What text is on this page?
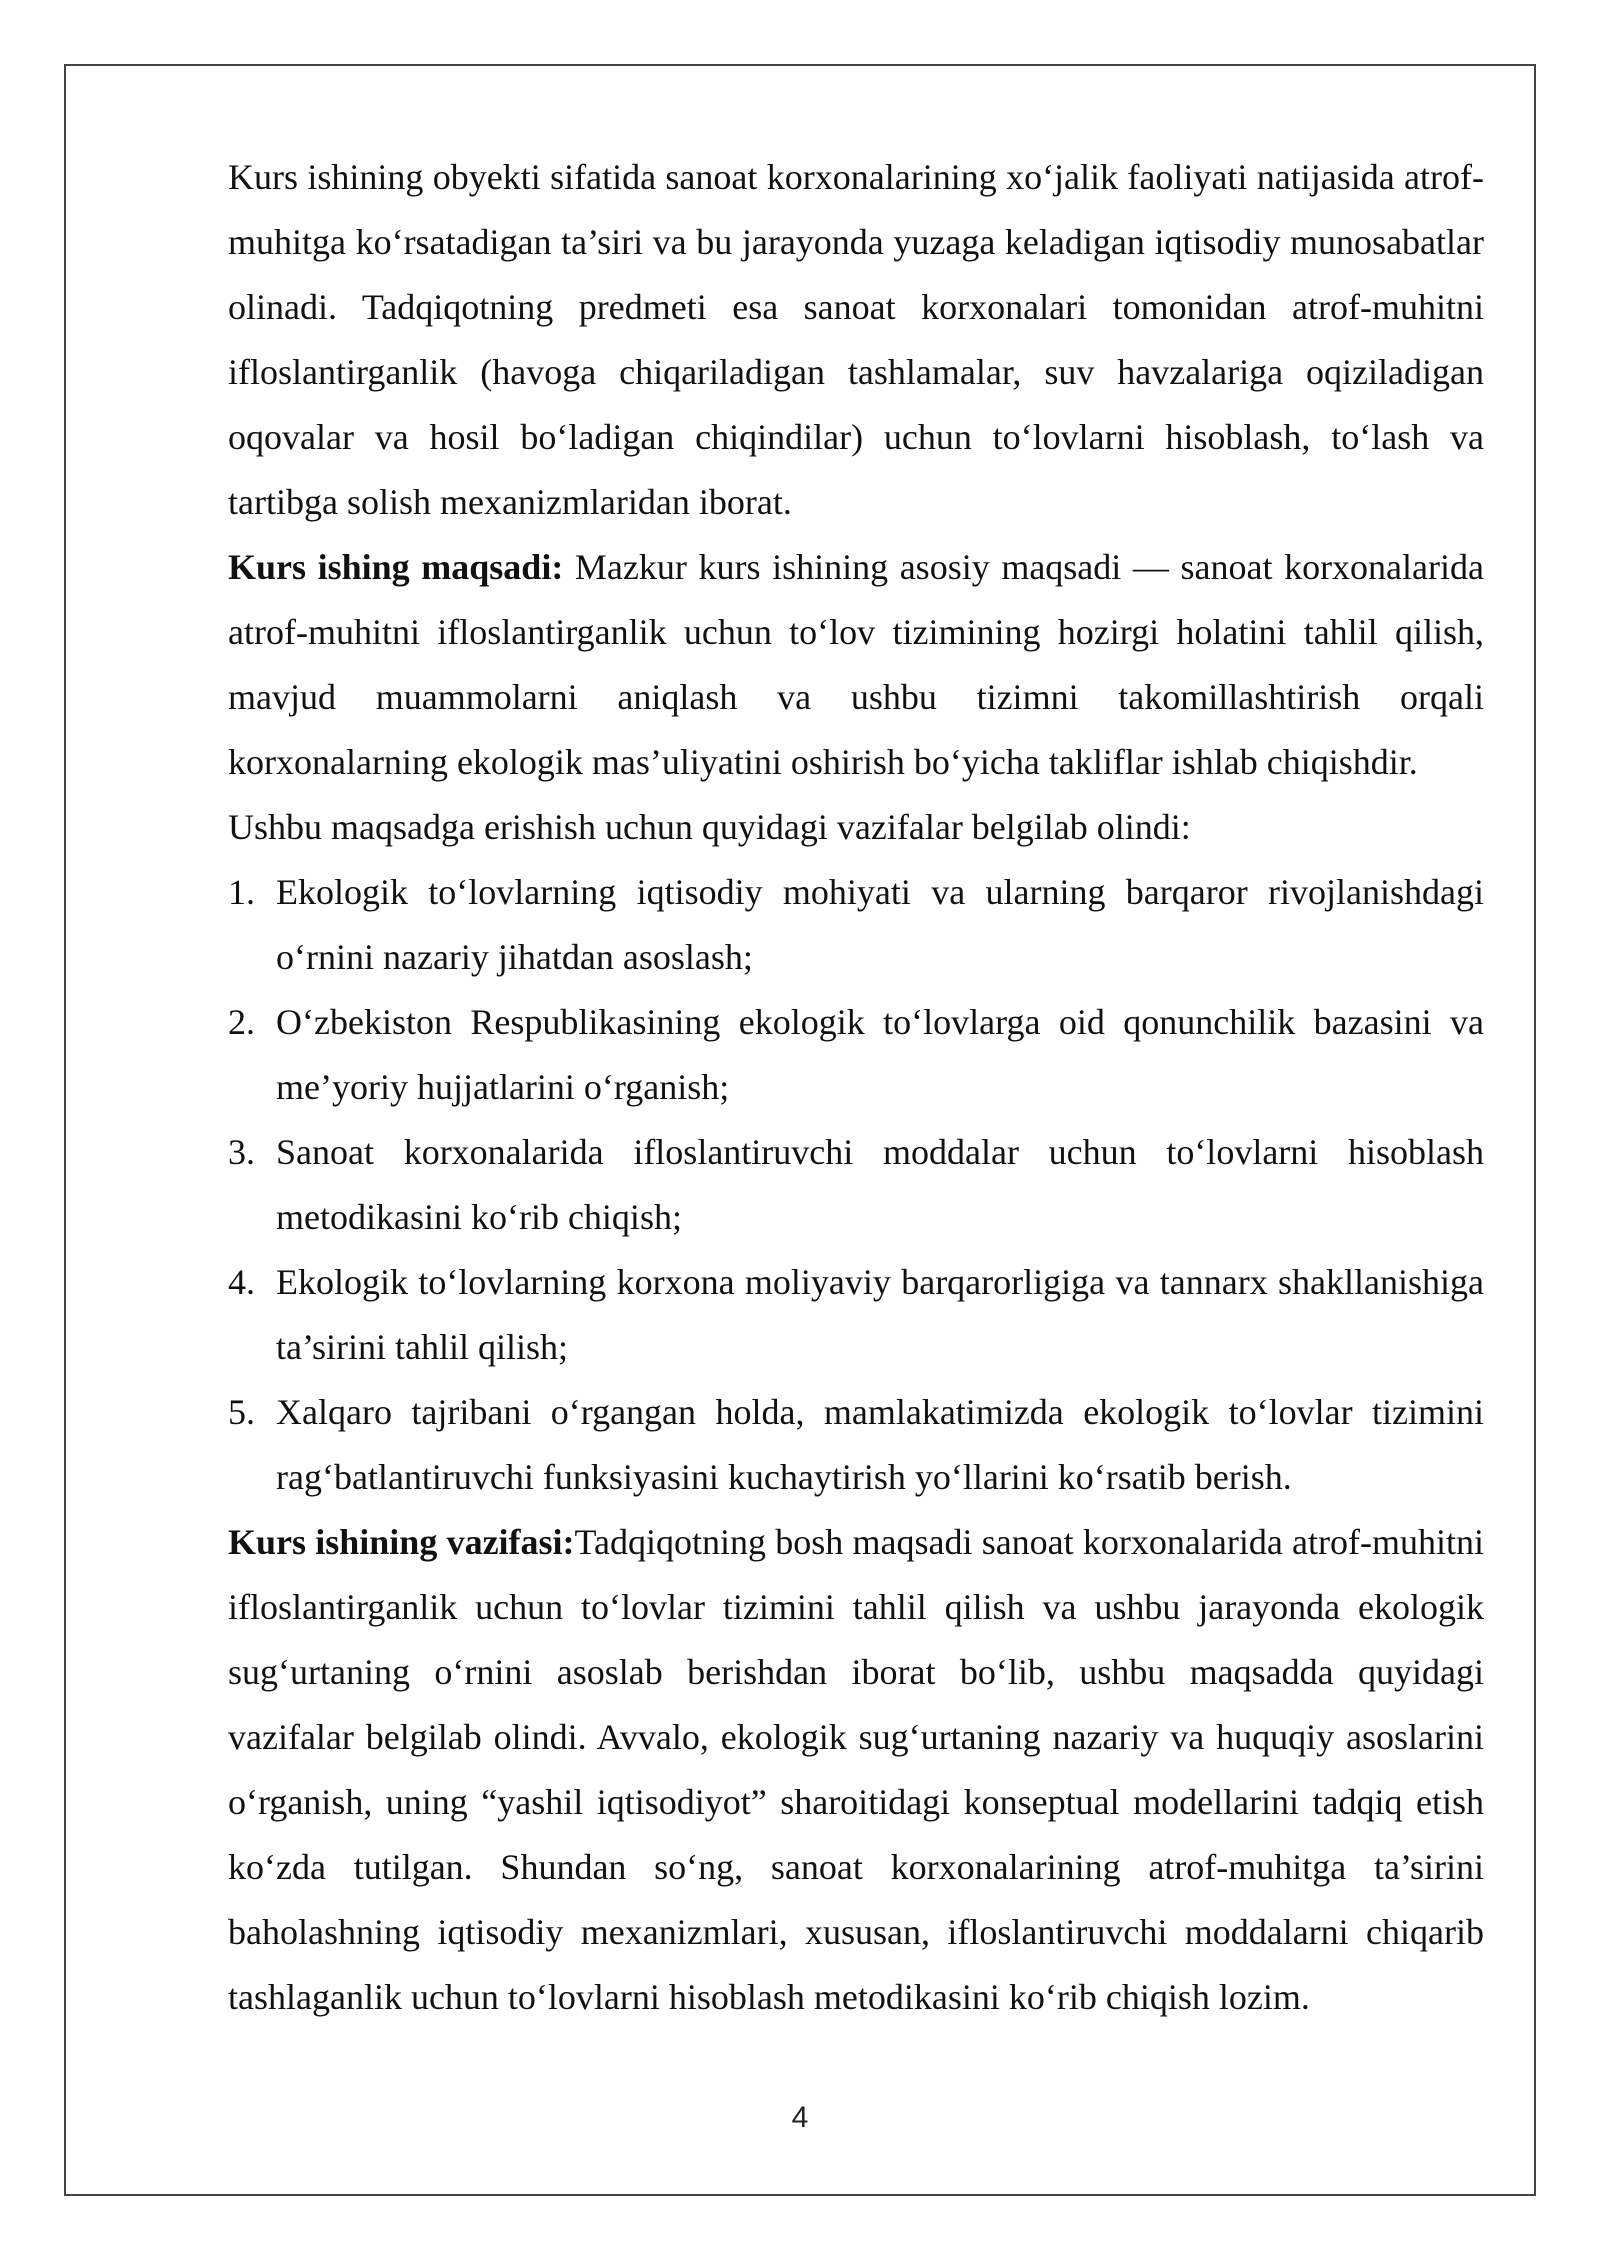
Kurs ishining obyekti sifatida sanoat korxonalarining xo‘jalik faoliyati natijasida atrof-muhitga ko‘rsatadigan ta’siri va bu jarayonda yuzaga keladigan iqtisodiy munosabatlar olinadi. Tadqiqotning predmeti esa sanoat korxonalari tomonidan atrof-muhitni ifloslantirganlik (havoga chiqariladigan tashlamalar, suv havzalariga oqiziladigan oqovalar va hosil bo‘ladigan chiqindilar) uchun to‘lovlarni hisoblash, to‘lash va tartibga solish mexanizmlaridan iborat.

Kurs ishing maqsadi: Mazkur kurs ishining asosiy maqsadi — sanoat korxonalarida atrof-muhitni ifloslantirganlik uchun to‘lov tizimining hozirgi holatini tahlil qilish, mavjud muammolarni aniqlash va ushbu tizimni takomillashtirish orqali korxonalarning ekologik mas’uliyatini oshirish bo‘yicha takliflar ishlab chiqishdir.

Ushbu maqsadga erishish uchun quyidagi vazifalar belgilab olindi:

1. Ekologik to‘lovlarning iqtisodiy mohiyati va ularning barqaror rivojlanishdagi o‘rnini nazariy jihatdan asoslash;
2. O‘zbekiston Respublikasining ekologik to‘lovlarga oid qonunchilik bazasini va me’yoriy hujjatlarini o‘rganish;
3. Sanoat korxonalarida ifloslantiruvchi moddalar uchun to‘lovlarni hisoblash metodikasini ko‘rib chiqish;
4. Ekologik to‘lovlarning korxona moliyaviy barqarorligiga va tannarx shakllanishiga ta’sirini tahlil qilish;
5. Xalqaro tajribani o‘rgangan holda, mamlakatimizda ekologik to‘lovlar tizimini rag‘batlantiruvchi funksiyasini kuchaytirish yo‘llarini ko‘rsatib berish.

Kurs ishining vazifasi:Tadqiqotning bosh maqsadi sanoat korxonalarida atrof-muhitni ifloslantirganlik uchun to‘lovlar tizimini tahlil qilish va ushbu jarayonda ekologik sug‘urtaning o‘rnini asoslab berishdan iborat bo‘lib, ushbu maqsadda quyidagi vazifalar belgilab olindi. Avvalo, ekologik sug‘urtaning nazariy va huquqiy asoslarini o‘rganish, uning “yashil iqtisodiyot” sharoitidagi konseptual modellarini tadqiq etish ko‘zda tutilgan. Shundan so‘ng, sanoat korxonalarining atrof-muhitga ta’sirini baholashning iqtisodiy mexanizmlari, xususan, ifloslantiruvchi moddalarni chiqarib tashlaganlik uchun to‘lovlarni hisoblash metodikasini ko‘rib chiqish lozim.

4
